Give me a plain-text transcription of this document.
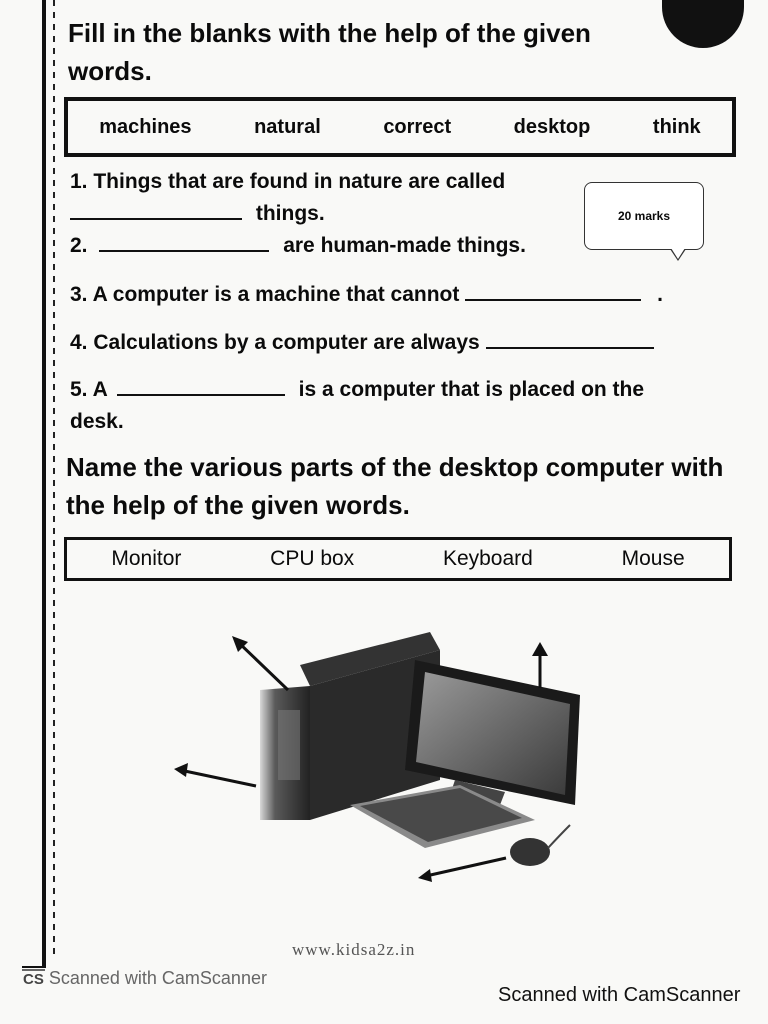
Fill in the blanks with the help of the given words.
machines	natural	correct	desktop	think
1. Things that are found in nature are called
things.
2.	are human-made things.
3. A computer is a machine that cannot	.
4. Calculations by a computer are always
5. A	is a computer that is placed on the
desk.
20 marks
Name the various parts of the desktop computer with the help of the given words.
Monitor	CPU box	Keyboard	Mouse
www.kidsa2z.in
CS Scanned with CamScanner
Scanned with CamScanner
